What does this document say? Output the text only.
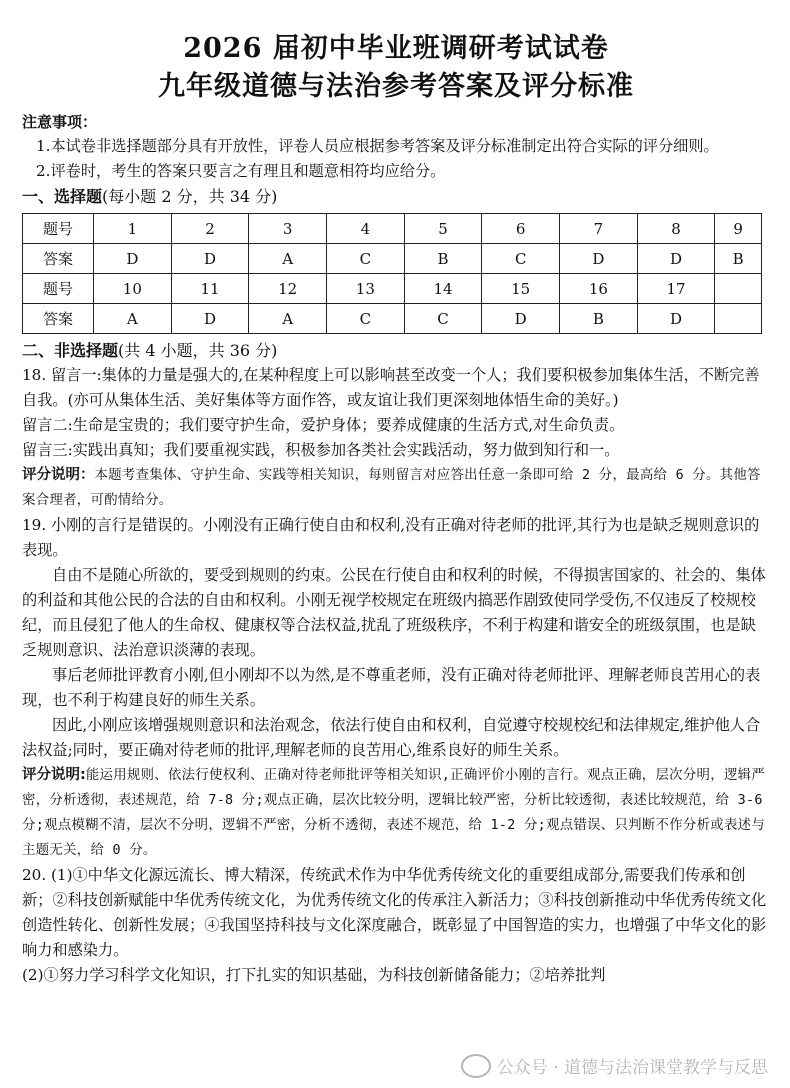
2026 届初中毕业班调研考试试卷
九年级道德与法治参考答案及评分标准
注意事项：

1.本试卷非选择题部分具有开放性，评卷人员应根据参考答案及评分标准制定出符合实际的评分细则。

2.评卷时，考生的答案只要言之有理且和题意相符均应给分。

一、选择题(每小题 2 分，共 34 分)
题号	1	2	3	4	5	6	7	8	9
答案	D	D	A	C	B	C	D	D	B
题号	10	11	12	13	14	15	16	17	
答案	A	D	A	C	C	D	B	D	
二、非选择题(共 4 小题，共 36 分)

18. 留言一:集体的力量是强大的,在某种程度上可以影响甚至改变一个人；我们要积极参加集体生活，不断完善自我。(亦可从集体生活、美好集体等方面作答，或友谊让我们更深刻地体悟生命的美好。)

留言二:生命是宝贵的；我们要守护生命，爱护身体；要养成健康的生活方式,对生命负责。

留言三:实践出真知；我们要重视实践，积极参加各类社会实践活动，努力做到知行和一。

评分说明：本题考查集体、守护生命、实践等相关知识，每则留言对应答出任意一条即可给 2 分，最高给 6 分。其他答案合理者，可酌情给分。

19. 小刚的言行是错误的。小刚没有正确行使自由和权利,没有正确对待老师的批评,其行为也是缺乏规则意识的表现。

自由不是随心所欲的，要受到规则的约束。公民在行使自由和权利的时候，不得损害国家的、社会的、集体的利益和其他公民的合法的自由和权利。小刚无视学校规定在班级内搞恶作剧致使同学受伤,不仅违反了校规校纪，而且侵犯了他人的生命权、健康权等合法权益,扰乱了班级秩序，不利于构建和谐安全的班级氛围，也是缺乏规则意识、法治意识淡薄的表现。

事后老师批评教育小刚,但小刚却不以为然,是不尊重老师，没有正确对待老师批评、理解老师良苦用心的表现，也不利于构建良好的师生关系。

因此,小刚应该增强规则意识和法治观念，依法行使自由和权利，自觉遵守校规校纪和法律规定,维护他人合法权益;同时，要正确对待老师的批评,理解老师的良苦用心,维系良好的师生关系。

评分说明:能运用规则、依法行使权利、正确对待老师批评等相关知识,正确评价小刚的言行。观点正确，层次分明，逻辑严密，分析透彻，表述规范，给 7-8 分;观点正确，层次比较分明，逻辑比较严密，分析比较透彻，表述比较规范，给 3-6 分;观点模糊不清，层次不分明，逻辑不严密，分析不透彻，表述不规范，给 1-2 分;观点错误、只判断不作分析或表述与主题无关，给 0 分。

20. (1)①中华文化源远流长、博大精深，传统武术作为中华优秀传统文化的重要组成部分,需要我们传承和创新；②科技创新赋能中华优秀传统文化，为优秀传统文化的传承注入新活力；③科技创新推动中华优秀传统文化创造性转化、创新性发展；④我国坚持科技与文化深度融合，既彰显了中国智造的实力，也增强了中华文化的影响力和感染力。

(2)①努力学习科学文化知识，打下扎实的知识基础，为科技创新储备能力；②培养批判

公众号 · 道德与法治课堂教学与反思
